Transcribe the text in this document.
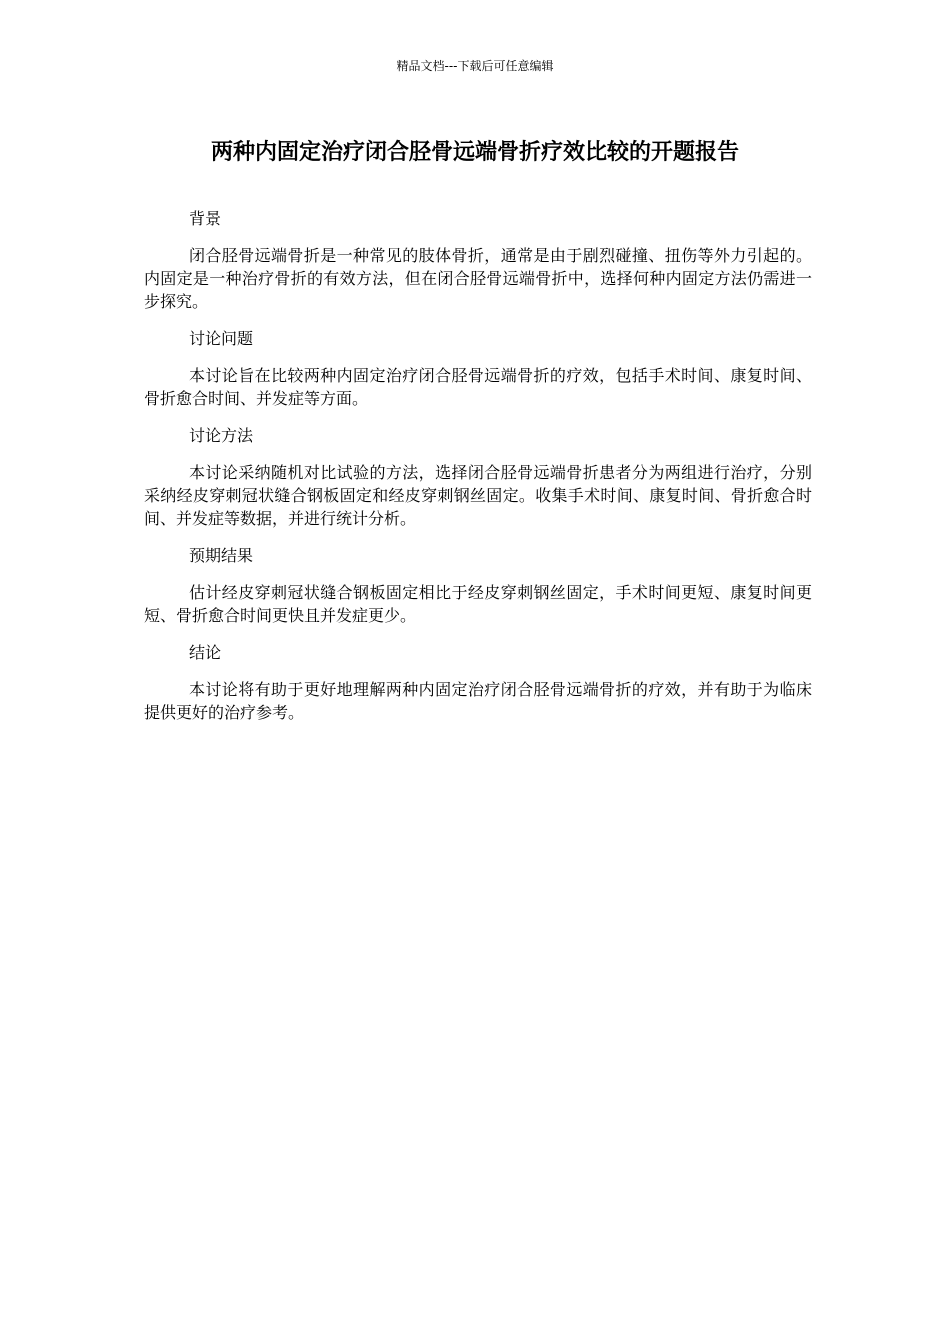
精品文档---下载后可任意编辑
两种内固定治疗闭合胫骨远端骨折疗效比较的开题报告

背景

闭合胫骨远端骨折是一种常见的肢体骨折，通常是由于剧烈碰撞、扭伤等外力引起的。内固定是一种治疗骨折的有效方法，但在闭合胫骨远端骨折中，选择何种内固定方法仍需进一步探究。

讨论问题

本讨论旨在比较两种内固定治疗闭合胫骨远端骨折的疗效，包括手术时间、康复时间、骨折愈合时间、并发症等方面。

讨论方法

本讨论采纳随机对比试验的方法，选择闭合胫骨远端骨折患者分为两组进行治疗，分别采纳经皮穿刺冠状缝合钢板固定和经皮穿刺钢丝固定。收集手术时间、康复时间、骨折愈合时间、并发症等数据，并进行统计分析。

预期结果

估计经皮穿刺冠状缝合钢板固定相比于经皮穿刺钢丝固定，手术时间更短、康复时间更短、骨折愈合时间更快且并发症更少。

结论

本讨论将有助于更好地理解两种内固定治疗闭合胫骨远端骨折的疗效，并有助于为临床提供更好的治疗参考。
